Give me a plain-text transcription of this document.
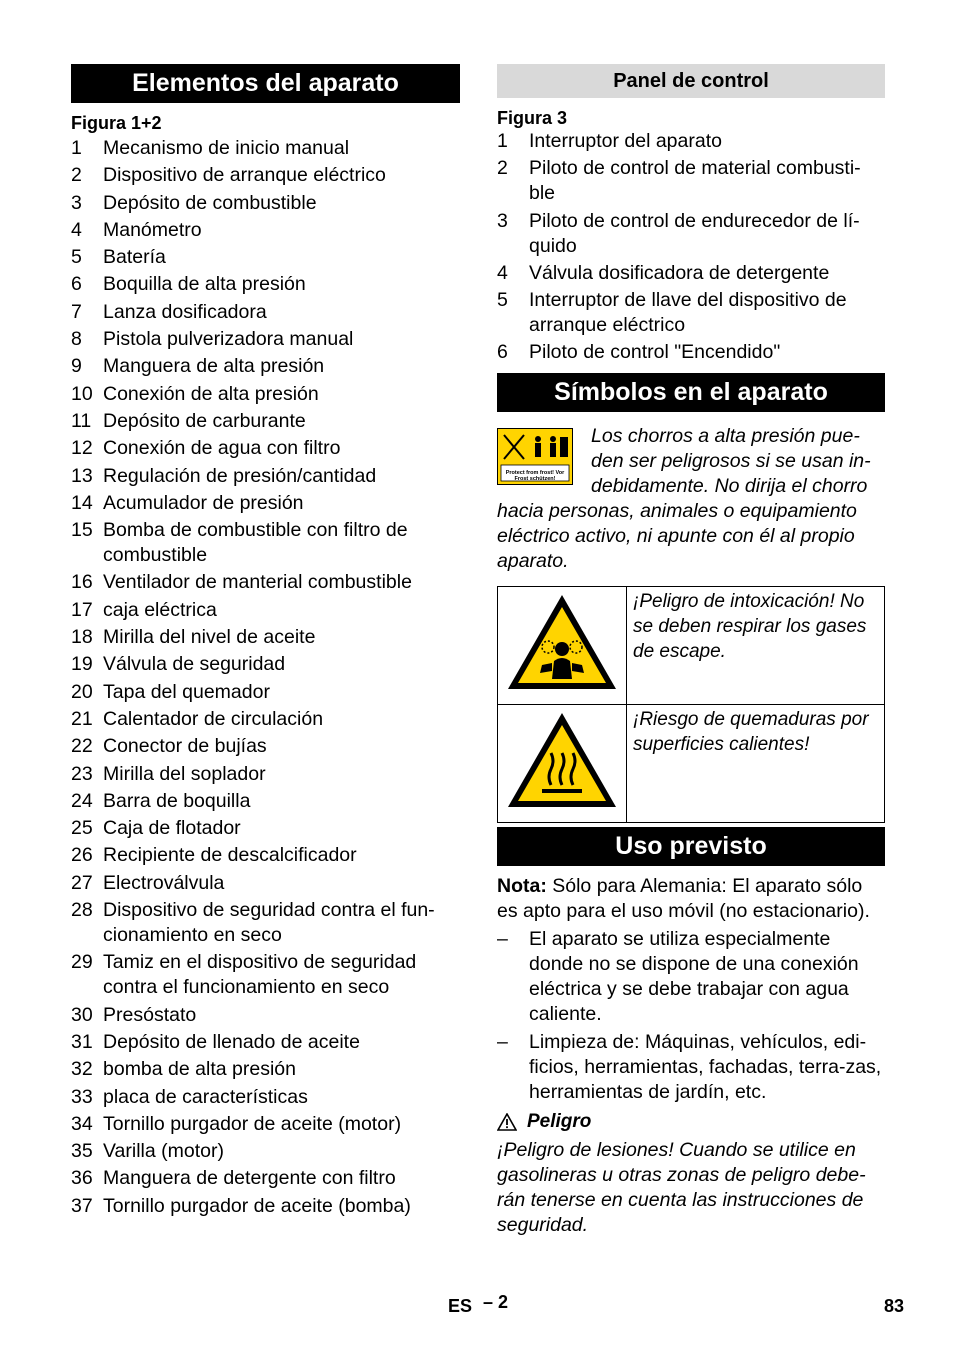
Elementos del aparato
Figura 1+2
1	Mecanismo de inicio manual
2	Dispositivo de arranque eléctrico
3	Depósito de combustible
4	Manómetro
5	Batería
6	Boquilla de alta presión
7	Lanza dosificadora
8	Pistola pulverizadora manual
9	Manguera de alta presión
10 Conexión de alta presión
11 Depósito de carburante
12 Conexión de agua con filtro
13 Regulación de presión/cantidad
14 Acumulador de presión
15 Bomba de combustible con filtro de combustible
16 Ventilador de manterial combustible
17 caja eléctrica
18 Mirilla del nivel de aceite
19 Válvula de seguridad
20 Tapa del quemador
21 Calentador de circulación
22 Conector de bujías
23 Mirilla del soplador
24 Barra de boquilla
25 Caja de flotador
26 Recipiente de descalcificador
27 Electroválvula
28 Dispositivo de seguridad contra el fun-cionamiento en seco
29 Tamiz en el dispositivo de seguridad contra el funcionamiento en seco
30 Presóstato
31 Depósito de llenado de aceite
32 bomba de alta presión
33 placa de características
34 Tornillo purgador de aceite (motor)
35 Varilla (motor)
36 Manguera de detergente con filtro
37 Tornillo purgador de aceite (bomba)
Panel de control
Figura 3
1	Interruptor del aparato
2	Piloto de control de material combusti-ble
3	Piloto de control de endurecedor de lí-quido
4	Válvula dosificadora de detergente
5	Interruptor de llave del dispositivo de arranque eléctrico
6	Piloto de control "Encendido"
Símbolos en el aparato
Protect from frost! Vor Frost schützen!
Los chorros a alta presión pue-den ser peligrosos si se usan in-debidamente. No dirija el chorro hacia personas, animales o equipamiento eléctrico activo, ni apunte con él al propio aparato.
	¡Peligro de intoxicación! No se deben respirar los gases de escape.
	¡Riesgo de quemaduras por superficies calientes!
Uso previsto

Nota: Sólo para Alemania: El aparato sólo es apto para el uso móvil (no estacionario).

–	El aparato se utiliza especialmente donde no se dispone de una conexión eléctrica y se debe trabajar con agua caliente.
–	Limpieza de: Máquinas, vehículos, edi-ficios, herramientas, fachadas, terra-zas, herramientas de jardín, etc.
Peligro
¡Peligro de lesiones! Cuando se utilice en gasolineras u otras zonas de peligro debe-rán tenerse en cuenta las instrucciones de seguridad.
ES – 2	83
